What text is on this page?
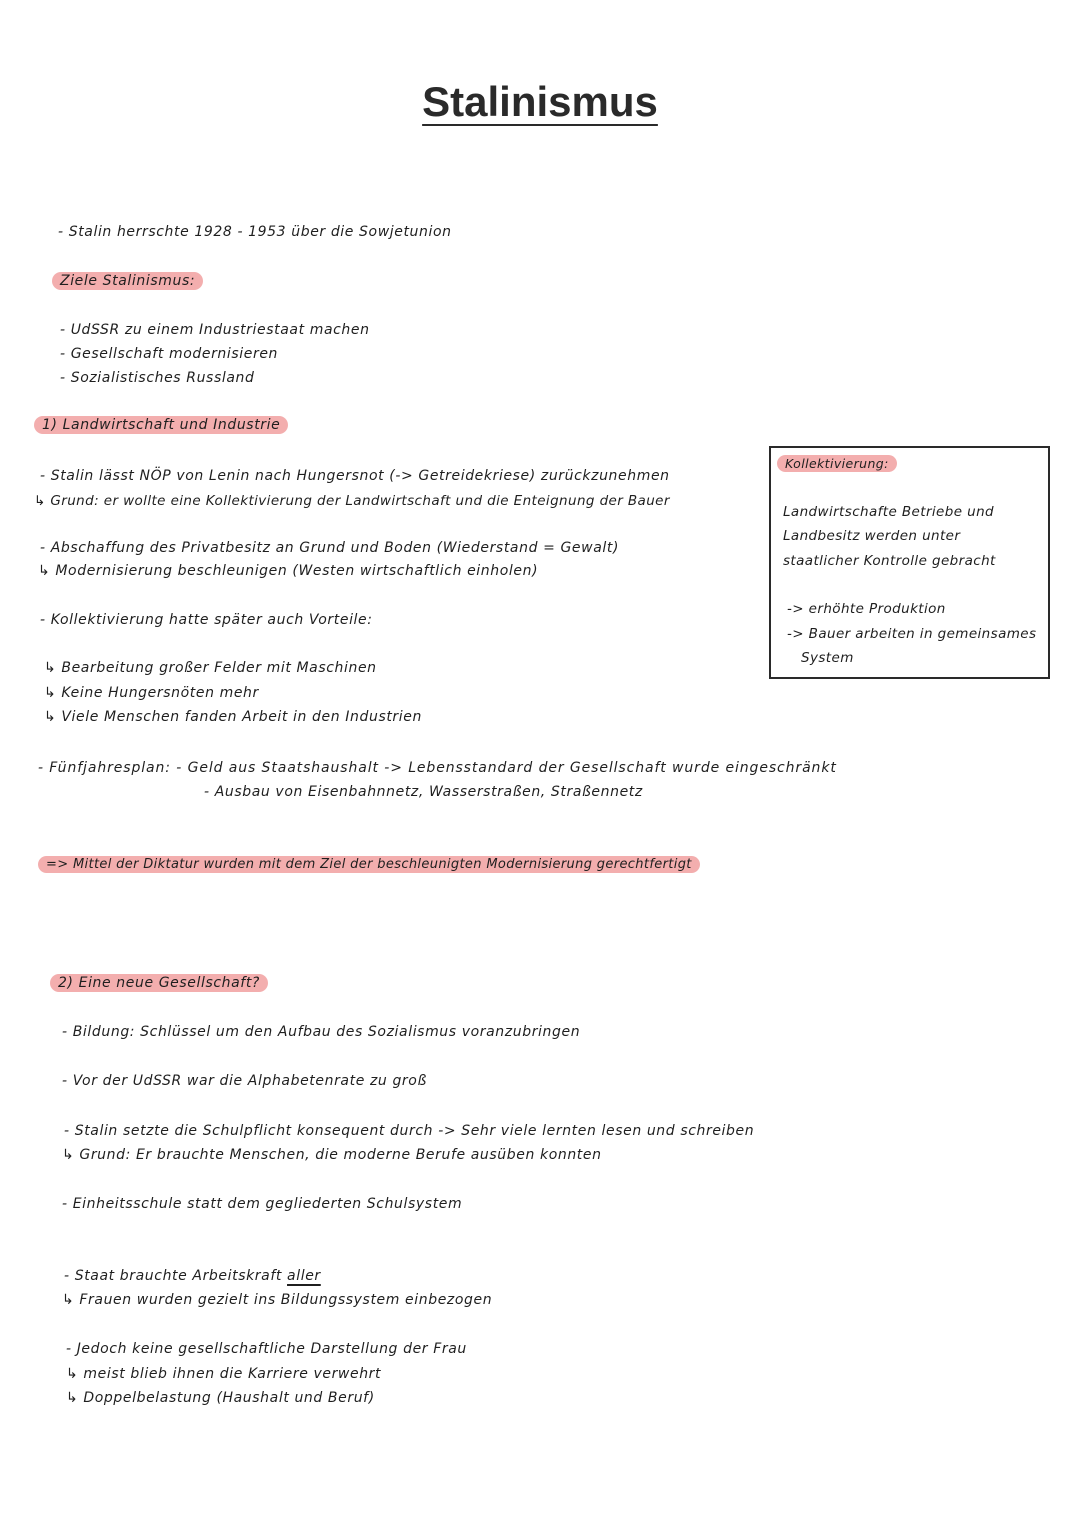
Stalinismus
- Stalin herrschte 1928 - 1953 über die Sowjetunion
Ziele Stalinismus:
- UdSSR zu einem Industriestaat machen
- Gesellschaft modernisieren
- Sozialistisches Russland
1) Landwirtschaft und Industrie
- Stalin lässt NÖP von Lenin nach Hungersnot (-> Getreidekriese) zurückzunehmen
↳ Grund: er wollte eine Kollektivierung der Landwirtschaft und die Enteignung der Bauer
- Abschaffung des Privatbesitz an Grund und Boden (Wiederstand = Gewalt)
↳ Modernisierung beschleunigen (Westen wirtschaftlich einholen)
- Kollektivierung hatte später auch Vorteile:
↳ Bearbeitung großer Felder mit Maschinen
↳ Keine Hungersnöten mehr
↳ Viele Menschen fanden Arbeit in den Industrien
- Fünfjahresplan: - Geld aus Staatshaushalt -> Lebensstandard der Gesellschaft wurde eingeschränkt
- Ausbau von Eisenbahnnetz, Wasserstraßen, Straßennetz
=> Mittel der Diktatur wurden mit dem Ziel der beschleunigten Modernisierung gerechtfertigt
Kollektivierung:
Landwirtschafte Betriebe und
Landbesitz werden unter
staatlicher Kontrolle gebracht
-> erhöhte Produktion
-> Bauer arbeiten in gemeinsames
System
2) Eine neue Gesellschaft?
- Bildung: Schlüssel um den Aufbau des Sozialismus voranzubringen
- Vor der UdSSR war die Alphabetenrate zu groß
- Stalin setzte die Schulpflicht konsequent durch -> Sehr viele lernten lesen und schreiben
↳ Grund: Er brauchte Menschen, die moderne Berufe ausüben konnten
- Einheitsschule statt dem gegliederten Schulsystem
- Staat brauchte Arbeitskraft aller
↳ Frauen wurden gezielt ins Bildungssystem einbezogen
- Jedoch keine gesellschaftliche Darstellung der Frau
↳ meist blieb ihnen die Karriere verwehrt
↳ Doppelbelastung (Haushalt und Beruf)
